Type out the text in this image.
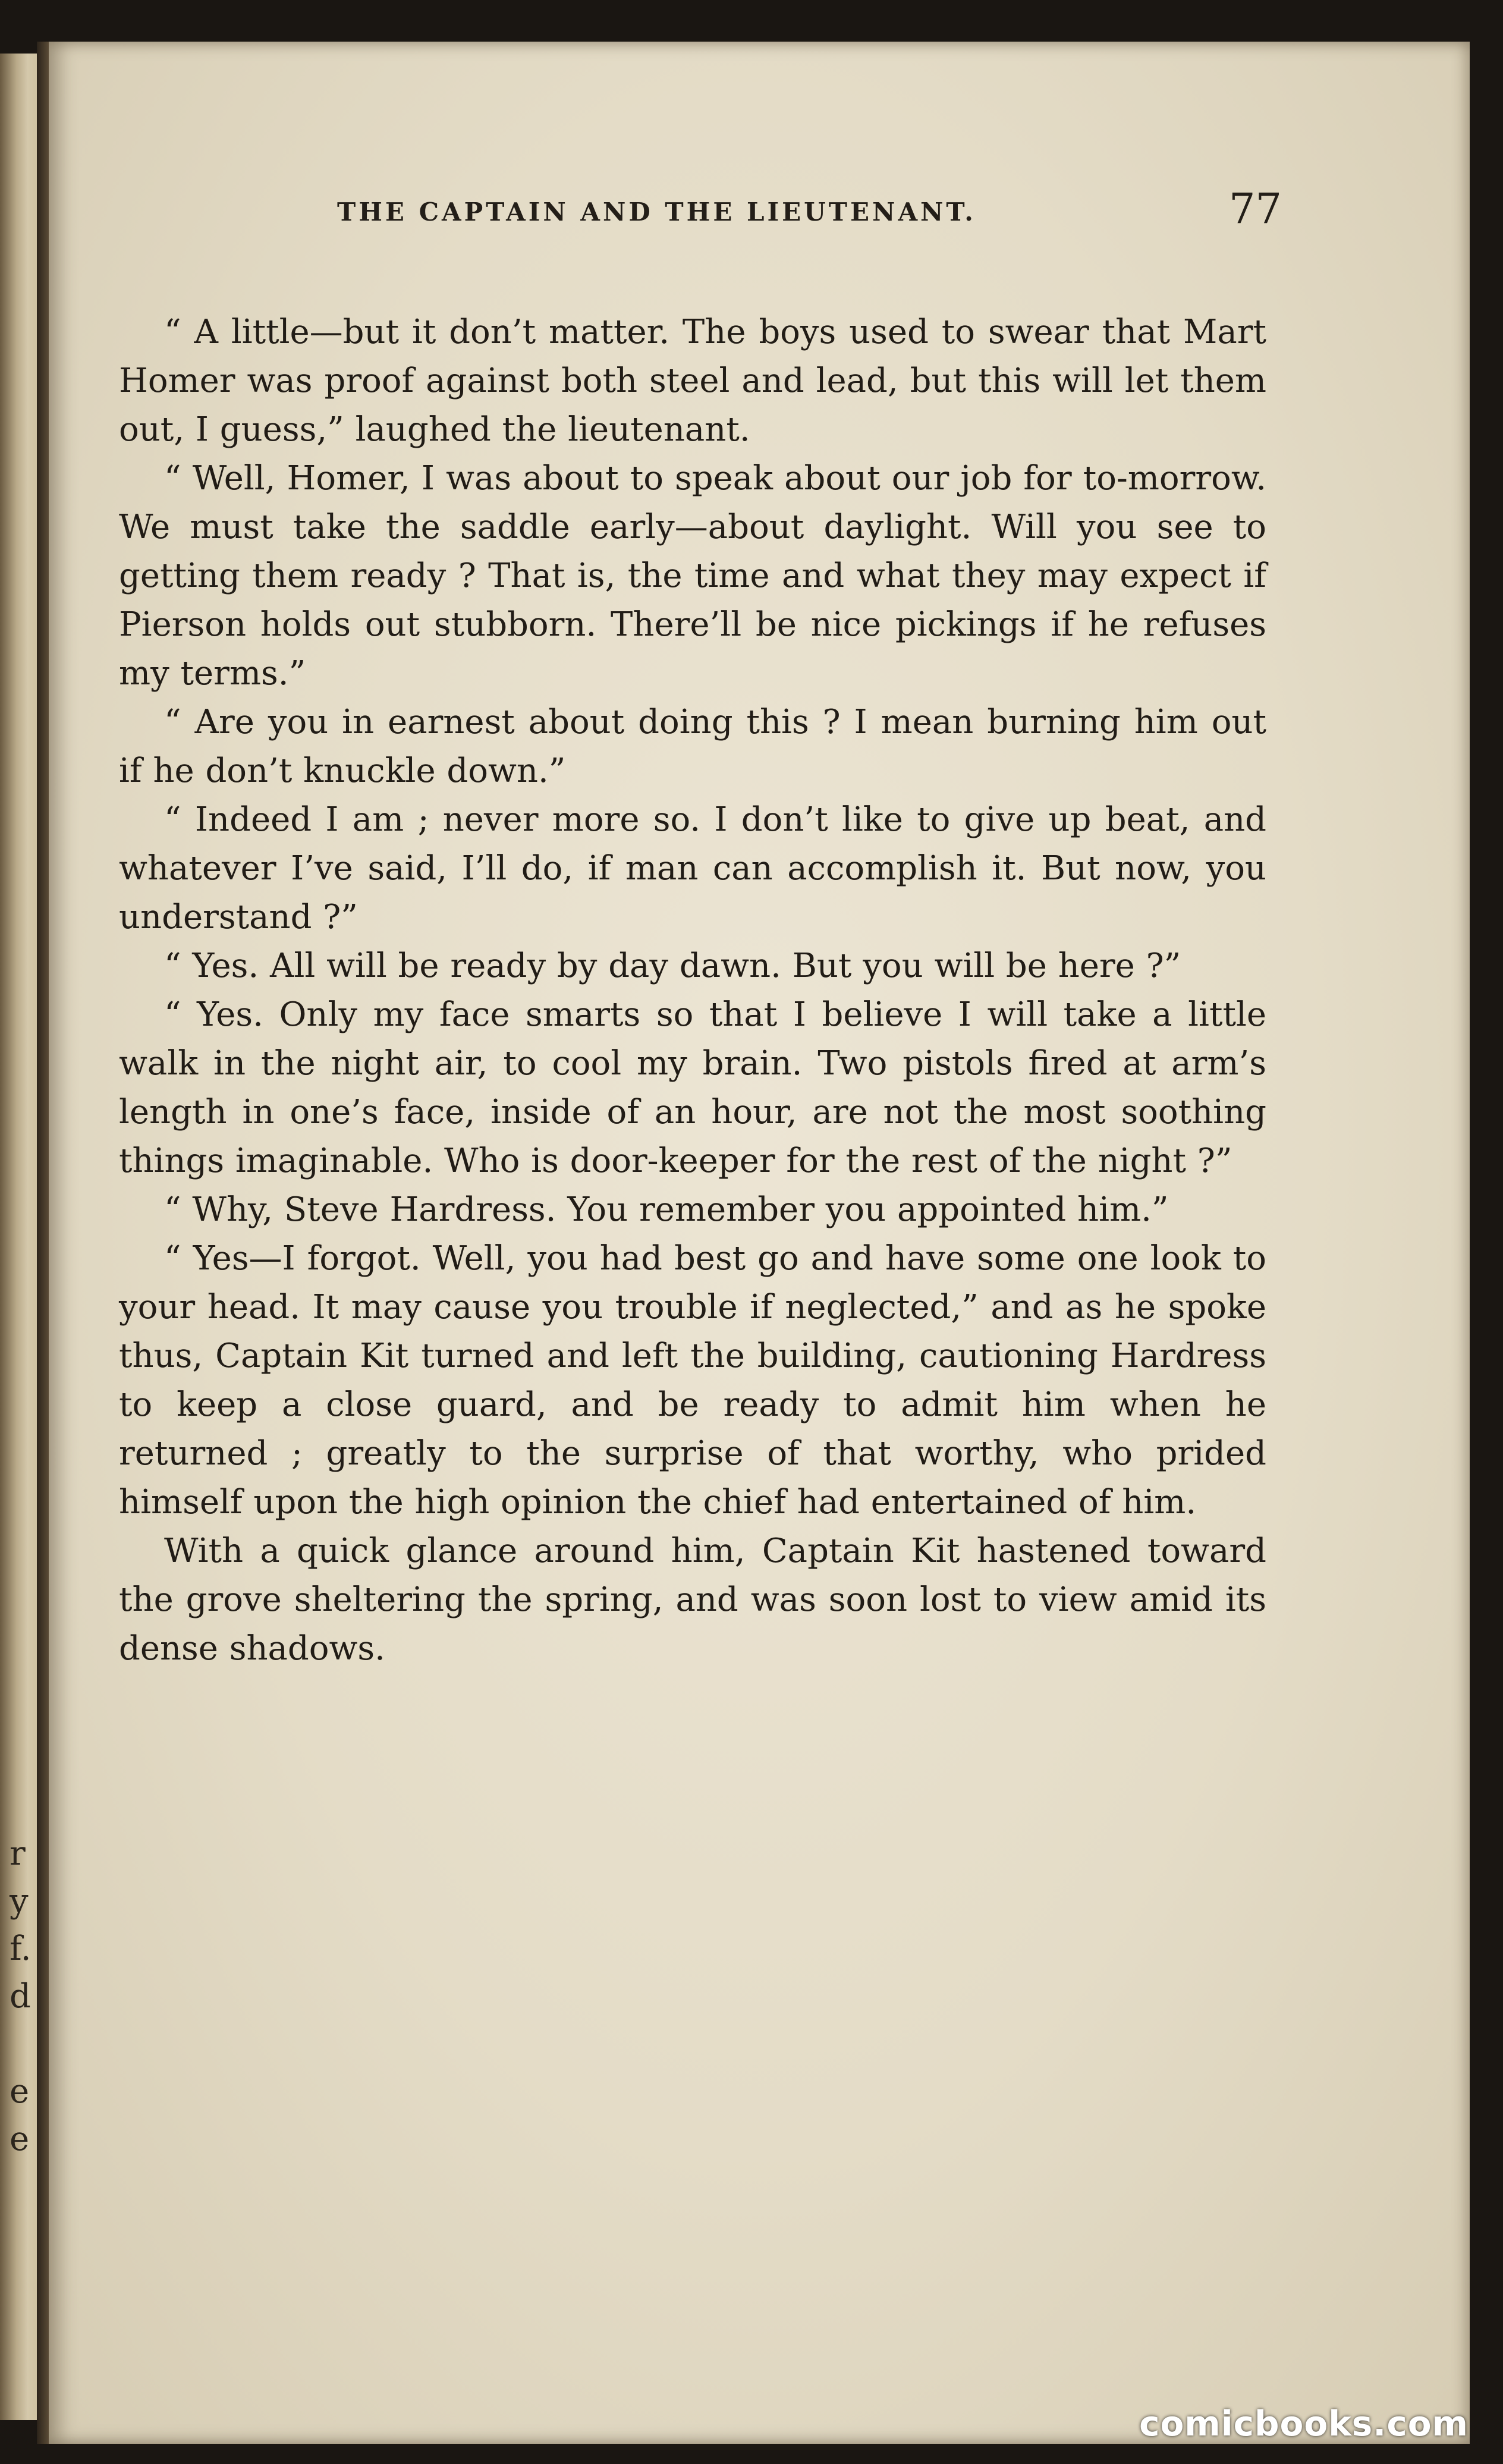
r
y
f.
d
e
e
THE CAPTAIN AND THE LIEUTENANT.	77

“ A little—but it don’t matter. The boys used to swear that Mart Homer was proof against both steel and lead, but this will let them out, I guess,” laughed the lieutenant.

“ Well, Homer, I was about to speak about our job for to-morrow. We must take the saddle early—about daylight. Will you see to getting them ready ? That is, the time and what they may expect if Pierson holds out stubborn. There’ll be nice pickings if he refuses my terms.”

“ Are you in earnest about doing this ? I mean burning him out if he don’t knuckle down.”

“ Indeed I am ; never more so. I don’t like to give up beat, and whatever I’ve said, I’ll do, if man can accomplish it. But now, you understand ?”

“ Yes. All will be ready by day dawn. But you will be here ?”

“ Yes. Only my face smarts so that I believe I will take a little walk in the night air, to cool my brain. Two pistols fired at arm’s length in one’s face, inside of an hour, are not the most soothing things imaginable. Who is door-keeper for the rest of the night ?”

“ Why, Steve Hardress. You remember you appointed him.”

“ Yes—I forgot. Well, you had best go and have some one look to your head. It may cause you trouble if neglected,” and as he spoke thus, Captain Kit turned and left the building, cautioning Hardress to keep a close guard, and be ready to admit him when he returned ; greatly to the surprise of that worthy, who prided himself upon the high opinion the chief had entertained of him.

With a quick glance around him, Captain Kit hastened toward the grove sheltering the spring, and was soon lost to view amid its dense shadows.

comicbooks.com
